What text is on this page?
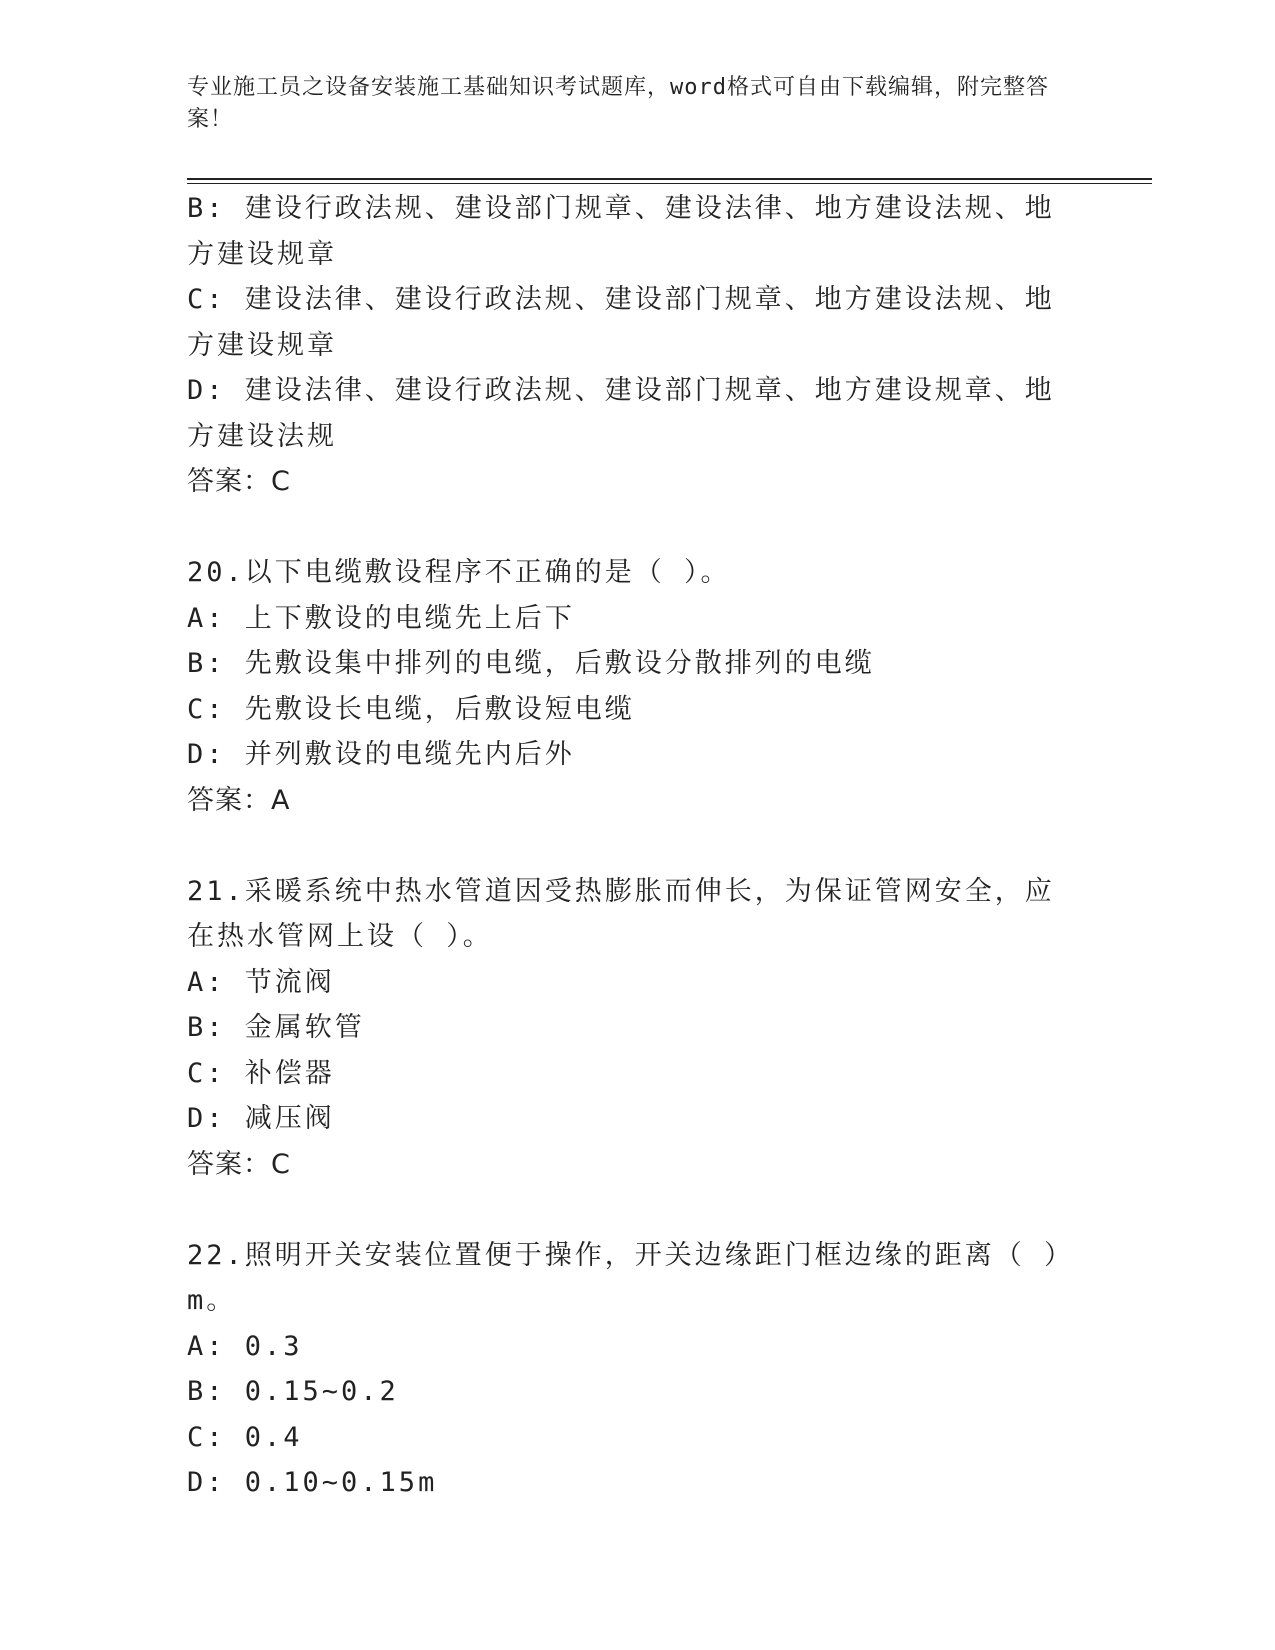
专业施工员之设备安装施工基础知识考试题库，word格式可自由下载编辑，附完整答案！
B: 建设行政法规、建设部门规章、建设法律、地方建设法规、地方建设规章
C: 建设法律、建设行政法规、建设部门规章、地方建设法规、地方建设规章
D: 建设法律、建设行政法规、建设部门规章、地方建设规章、地方建设法规
答案：C
20.以下电缆敷设程序不正确的是（ ）。
A: 上下敷设的电缆先上后下
B: 先敷设集中排列的电缆，后敷设分散排列的电缆
C: 先敷设长电缆，后敷设短电缆
D: 并列敷设的电缆先内后外
答案：A
21.采暖系统中热水管道因受热膨胀而伸长，为保证管网安全，应在热水管网上设（ ）。
A: 节流阀
B: 金属软管
C: 补偿器
D: 减压阀
答案：C
22.照明开关安装位置便于操作，开关边缘距门框边缘的距离（ ）m。
A: 0.3
B: 0.15~0.2
C: 0.4
D: 0.10~0.15m
